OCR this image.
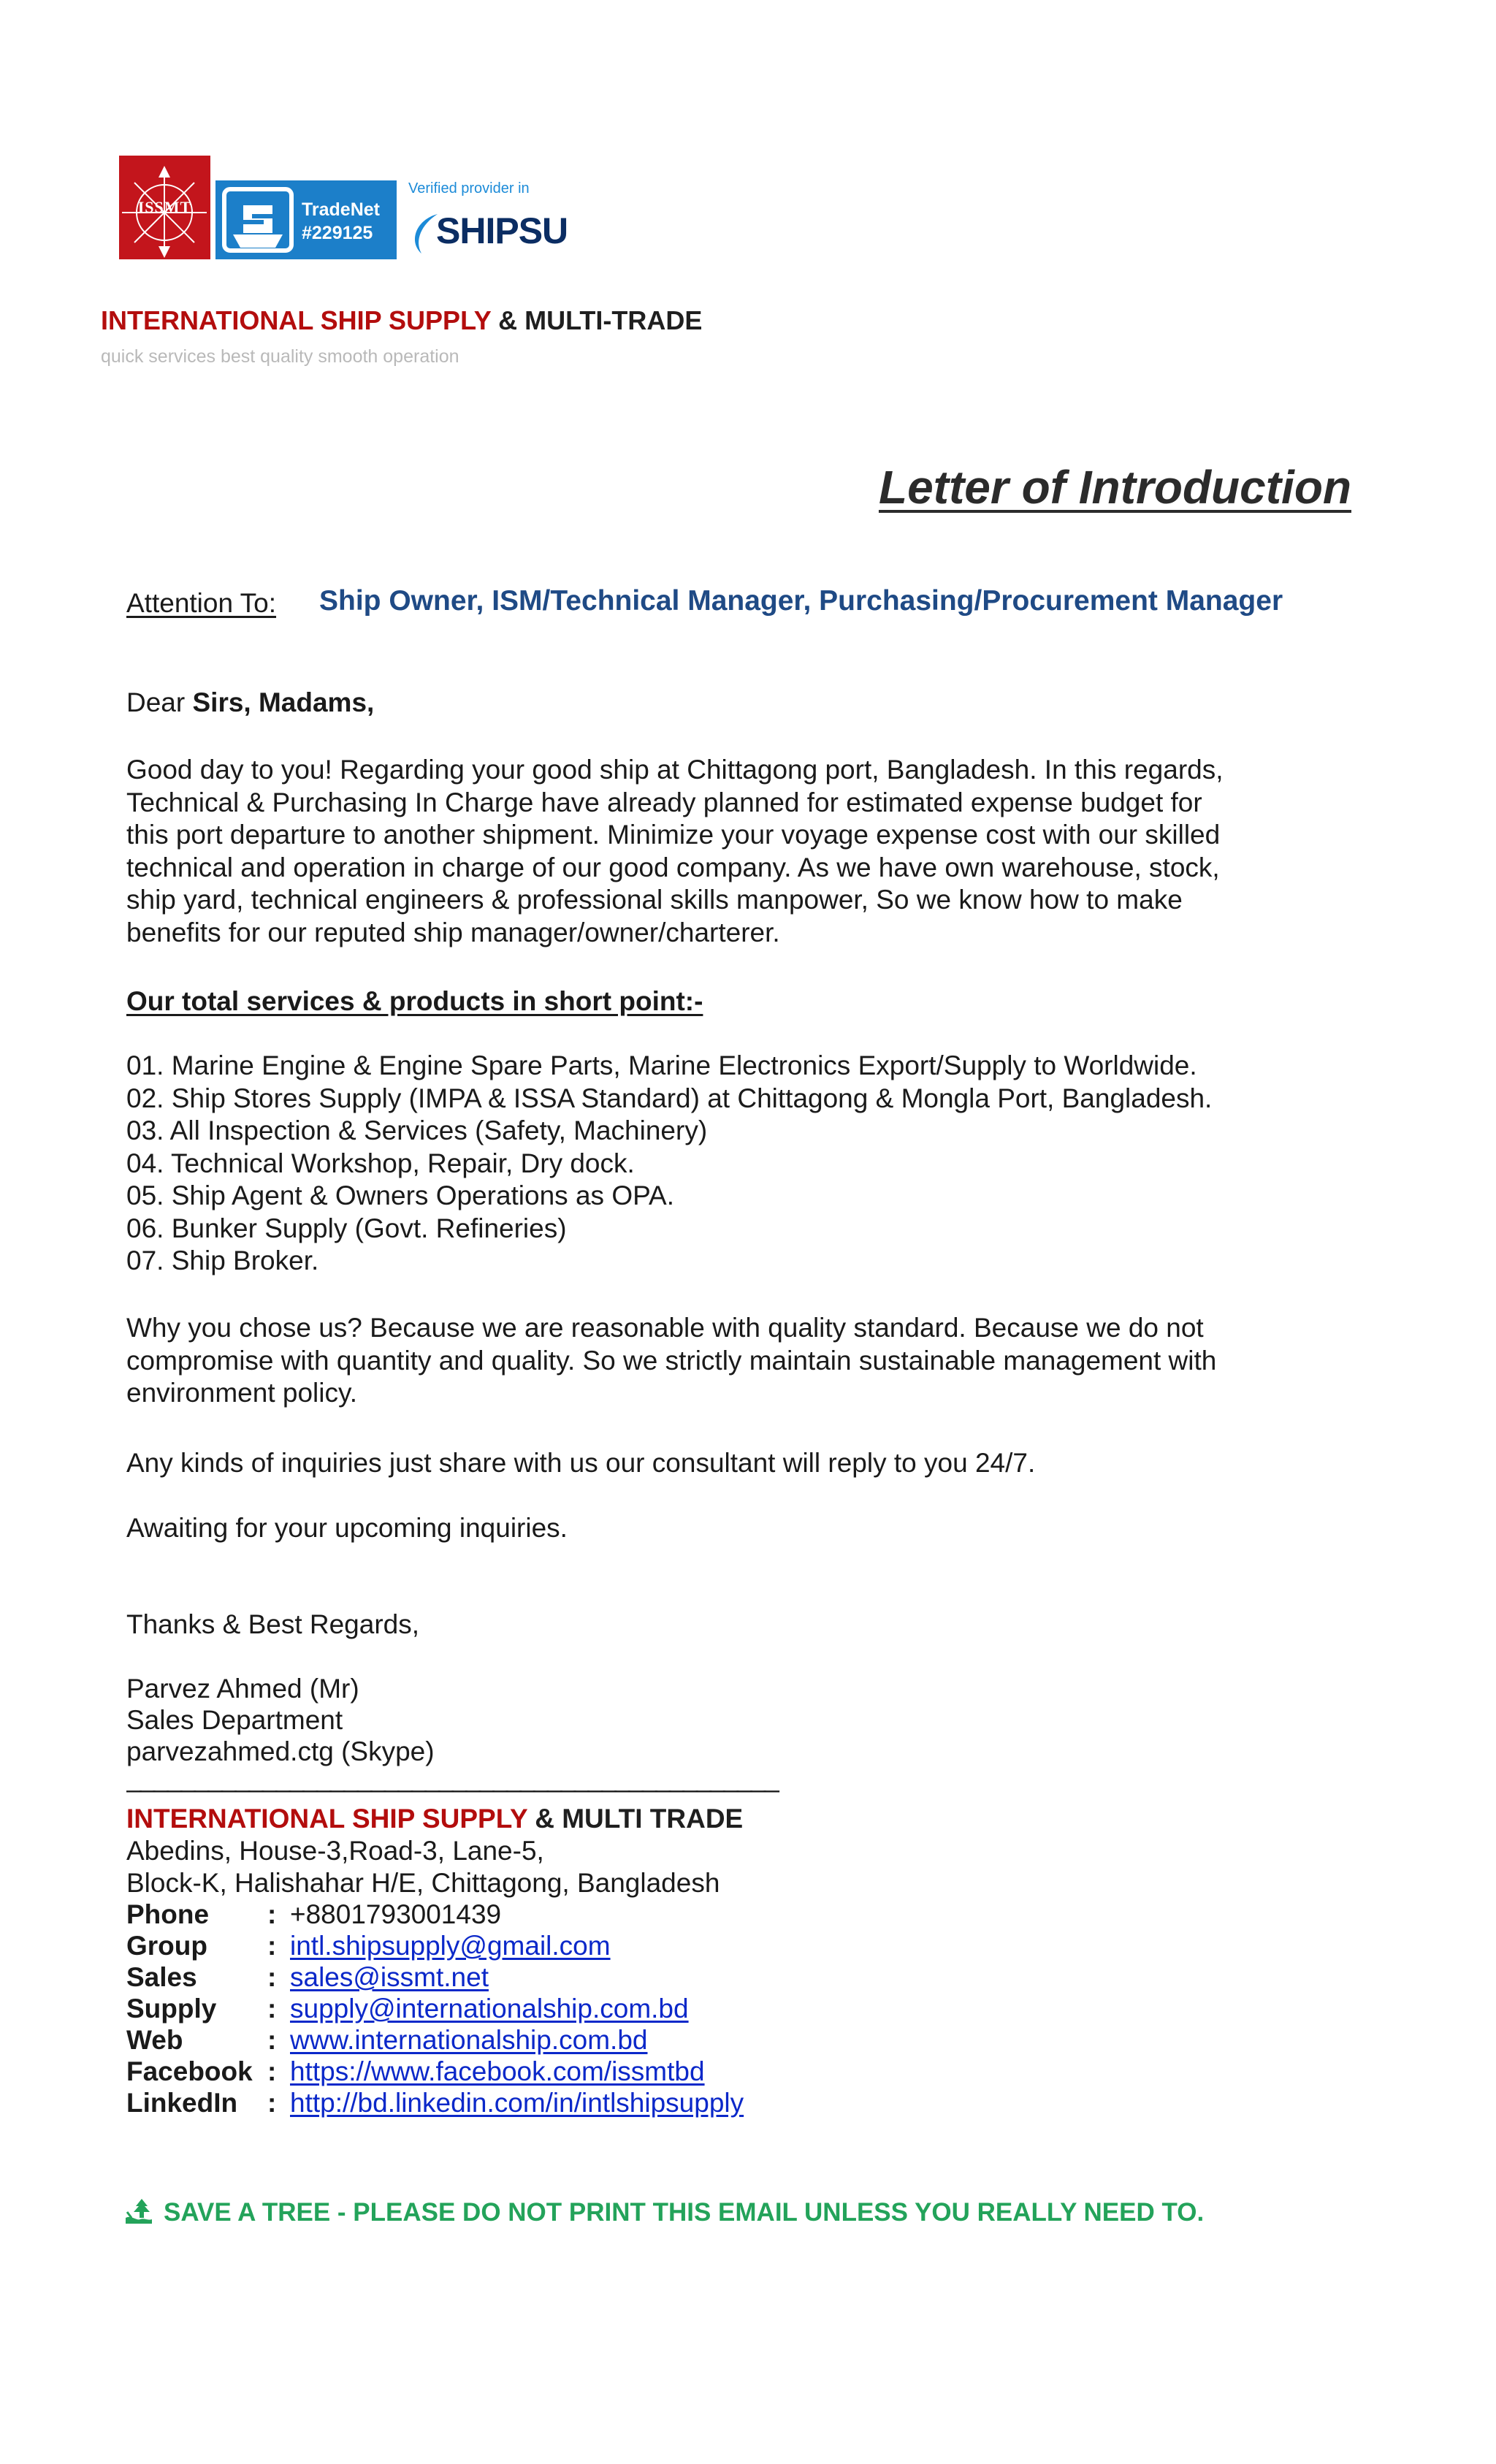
ISSMT	TradeNet
#229125
Verified provider in
SHIPSU
INTERNATIONAL SHIP SUPPLY & MULTI-TRADE
quick services best quality smooth operation
Letter of Introduction
Attention To: Ship Owner, ISM/Technical Manager, Purchasing/Procurement Manager
Dear Sirs, Madams,
Good day to you! Regarding your good ship at Chittagong port, Bangladesh. In this regards,
Technical & Purchasing In Charge have already planned for estimated expense budget for
this port departure to another shipment. Minimize your voyage expense cost with our skilled
technical and operation in charge of our good company. As we have own warehouse, stock,
ship yard, technical engineers & professional skills manpower, So we know how to make
benefits for our reputed ship manager/owner/charterer.
Our total services & products in short point:-
01. Marine Engine & Engine Spare Parts, Marine Electronics Export/Supply to Worldwide.
02. Ship Stores Supply (IMPA & ISSA Standard) at Chittagong & Mongla Port, Bangladesh.
03. All Inspection & Services (Safety, Machinery)
04. Technical Workshop, Repair, Dry dock.
05. Ship Agent & Owners Operations as OPA.
06. Bunker Supply (Govt. Refineries)
07. Ship Broker.
Why you chose us? Because we are reasonable with quality standard. Because we do not
compromise with quantity and quality. So we strictly maintain sustainable management with
environment policy.
Any kinds of inquiries just share with us our consultant will reply to you 24/7.
Awaiting for your upcoming inquiries.
Thanks & Best Regards,
Parvez Ahmed (Mr)
Sales Department
parvezahmed.ctg (Skype)
________________________________________________
INTERNATIONAL SHIP SUPPLY & MULTI TRADE
Abedins, House-3,Road-3, Lane-5,
Block-K, Halishahar H/E, Chittagong, Bangladesh
Phone : +8801793001439
Group : intl.shipsupply@gmail.com
Sales	: sales@issmt.net
Supply : supply@internationalship.com.bd
Web	: www.internationalship.com.bd
Facebook : https://www.facebook.com/issmtbd
LinkedIn : http://bd.linkedin.com/in/intlshipsupply
SAVE A TREE - PLEASE DO NOT PRINT THIS EMAIL UNLESS YOU REALLY NEED TO.
